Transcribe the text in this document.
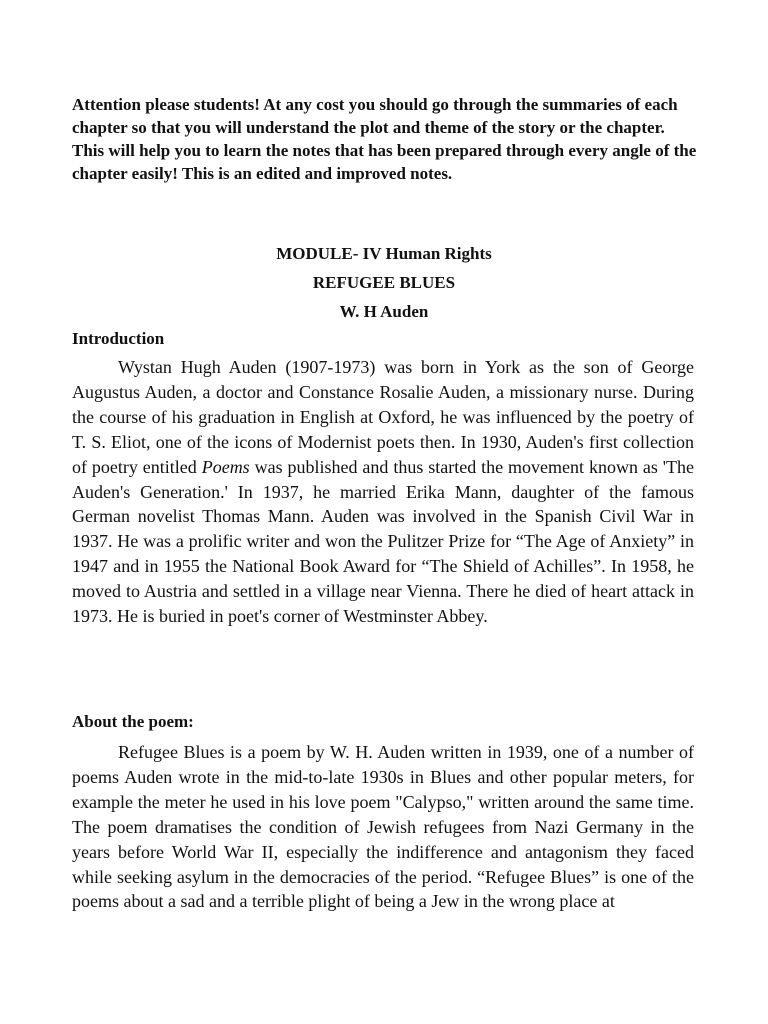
Attention please students! At any cost you should go through the summaries of each chapter so that you will understand the plot and theme of the story or the chapter. This will help you to learn the notes that has been prepared through every angle of the chapter easily! This is an edited and improved notes.

MODULE- IV Human Rights

REFUGEE BLUES

W. H Auden

Introduction

Wystan Hugh Auden (1907-1973) was born in York as the son of George Augustus Auden, a doctor and Constance Rosalie Auden, a missionary nurse. During the course of his graduation in English at Oxford, he was influenced by the poetry of T. S. Eliot, one of the icons of Modernist poets then. In 1930, Auden's first collection of poetry entitled Poems was published and thus started the movement known as 'The Auden's Generation.' In 1937, he married Erika Mann, daughter of the famous German novelist Thomas Mann. Auden was involved in the Spanish Civil War in 1937. He was a prolific writer and won the Pulitzer Prize for “The Age of Anxiety” in 1947 and in 1955 the National Book Award for “The Shield of Achilles”. In 1958, he moved to Austria and settled in a village near Vienna. There he died of heart attack in 1973. He is buried in poet's corner of Westminster Abbey.

About the poem:

Refugee Blues is a poem by W. H. Auden written in 1939, one of a number of poems Auden wrote in the mid-to-late 1930s in Blues and other popular meters, for example the meter he used in his love poem "Calypso," written around the same time. The poem dramatises the condition of Jewish refugees from Nazi Germany in the years before World War II, especially the indifference and antagonism they faced while seeking asylum in the democracies of the period. “Refugee Blues” is one of the poems about a sad and a terrible plight of being a Jew in the wrong place at
